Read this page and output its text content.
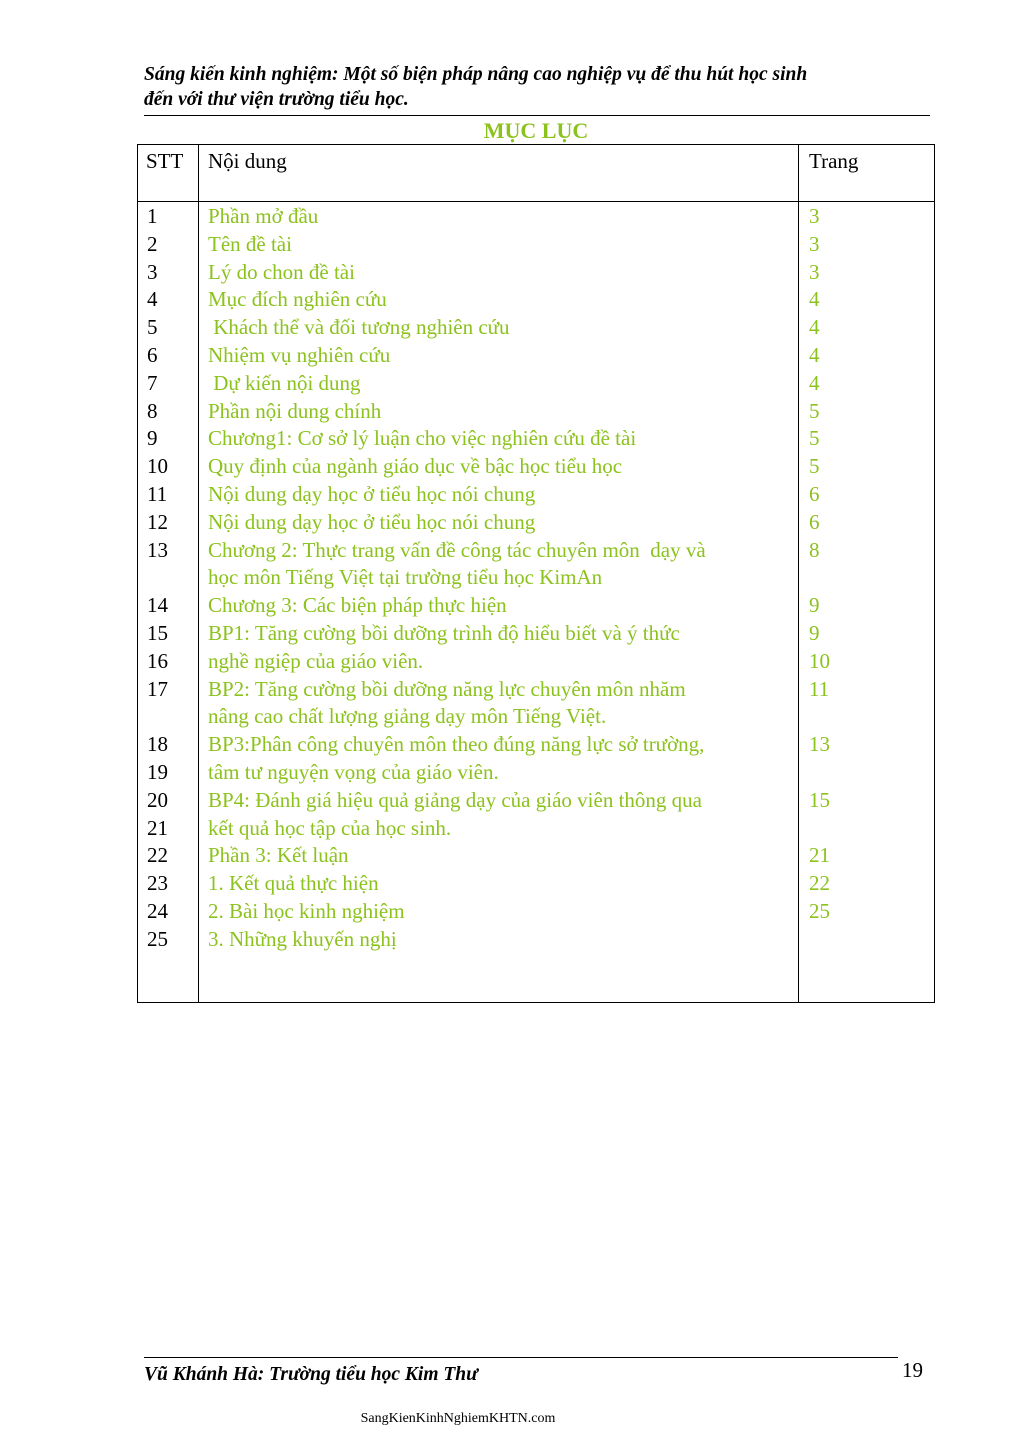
Sáng kiến kinh nghiệm: Một số biện pháp nâng cao nghiệp vụ để thu hút học sinh
đến với thư viện trường tiểu học.
MỤC LỤC
STT Nội dung	Trang
1
2
3
4
5
6
7
8
9
10
11
12
13
14
15
16
17
18
19
20
21
22
23
24
25
Phần mở đầu
Tên đề tài
Lý do chon đề tài
Mục đích nghiên cứu
Khách thể và đối tương nghiên cứu
Nhiệm vụ nghiên cứu
Dự kiến nội dung
Phần nội dung chính
Chương1: Cơ sở lý luận cho việc nghiên cứu đề tài
Quy định của ngành giáo dục về bậc học tiểu học
Nội dung dạy học ở tiểu học nói chung
Nội dung dạy học ở tiểu học nói chung
Chương 2: Thực trang vấn đề công tác chuyên môn  dạy và
học môn Tiếng Việt tại trường tiểu học KimAn
Chương 3: Các biện pháp thực hiện
BP1: Tăng cường bồi dưỡng trình độ hiểu biết và ý thức
nghề ngiệp của giáo viên.
BP2: Tăng cường bồi dưỡng năng lực chuyên môn nhăm
nâng cao chất lượng giảng dạy môn Tiếng Việt.
BP3:Phân công chuyên môn theo đúng năng lực sở trường,
tâm tư nguyện vọng của giáo viên.
BP4: Đánh giá hiệu quả giảng dạy của giáo viên thông qua
kết quả học tập của học sinh.
Phần 3: Kết luận
1. Kết quả thực hiện
2. Bài học kinh nghiệm
3. Những khuyến nghị
3
3
3
4
4
4
4
5
5
5
6
6
8
9
9
10
11
13
15
21
22
25
Vũ Khánh Hà: Trường tiểu học Kim Thư	19
SangKienKinhNghiemKHTN.com
